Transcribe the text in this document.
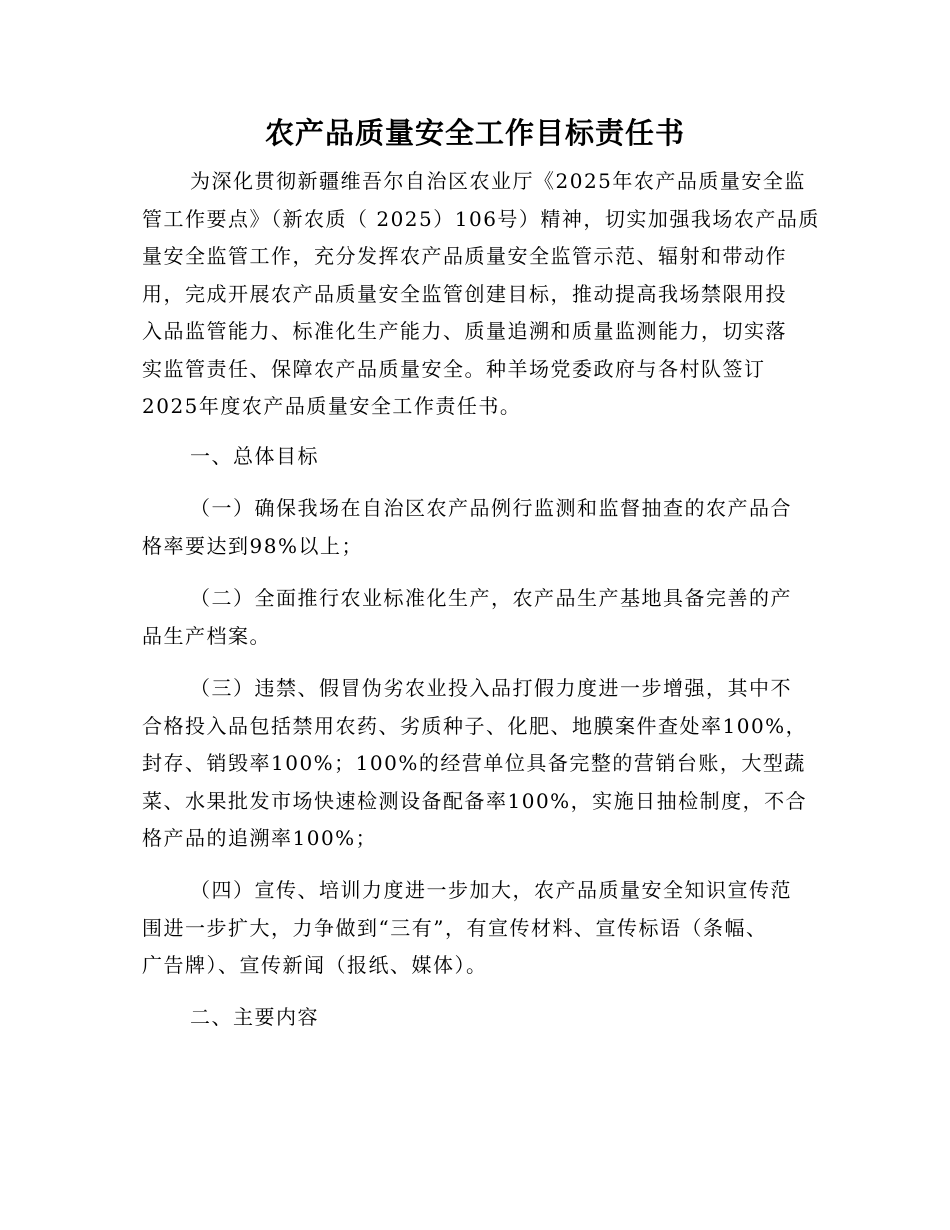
农产品质量安全工作目标责任书
为深化贯彻新疆维吾尔自治区农业厅《2025年农产品质量安全监
管工作要点》（新农质（ 2025）106号）精神，切实加强我场农产品质
量安全监管工作，充分发挥农产品质量安全监管示范、辐射和带动作
用，完成开展农产品质量安全监管创建目标，推动提高我场禁限用投
入品监管能力、标准化生产能力、质量追溯和质量监测能力，切实落
实监管责任、保障农产品质量安全。种羊场党委政府与各村队签订
2025年度农产品质量安全工作责任书。
一、总体目标
（一）确保我场在自治区农产品例行监测和监督抽查的农产品合
格率要达到98%以上；
（二）全面推行农业标准化生产，农产品生产基地具备完善的产
品生产档案。
（三）违禁、假冒伪劣农业投入品打假力度进一步增强，其中不
合格投入品包括禁用农药、劣质种子、化肥、地膜案件查处率100%，
封存、销毁率100%；100%的经营单位具备完整的营销台账，大型蔬
菜、水果批发市场快速检测设备配备率100%，实施日抽检制度，不合
格产品的追溯率100%；
（四）宣传、培训力度进一步加大，农产品质量安全知识宣传范
围进一步扩大，力争做到“三有”，有宣传材料、宣传标语（条幅、
广告牌）、宣传新闻（报纸、媒体）。
二、主要内容
